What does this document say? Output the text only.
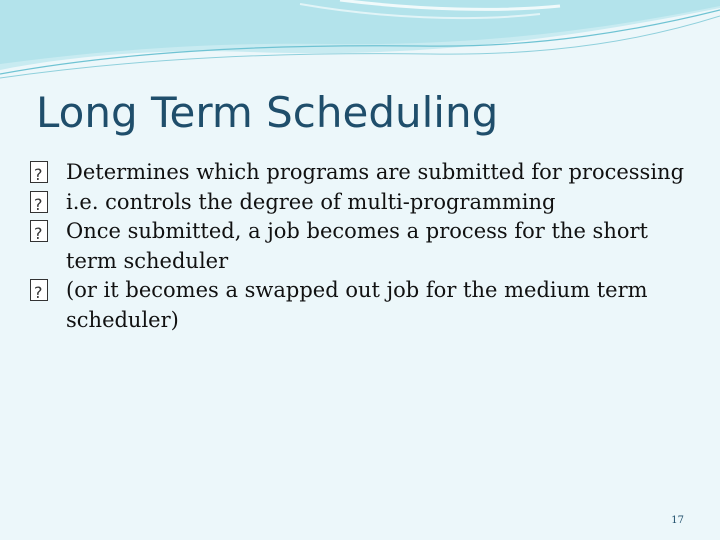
Long Term Scheduling
?
Determines which programs are submitted for processing
?
i.e. controls the degree of multi-programming
?
Once submitted, a job becomes a process for the short term scheduler
?
(or it becomes a swapped out job for the medium term scheduler)
17
